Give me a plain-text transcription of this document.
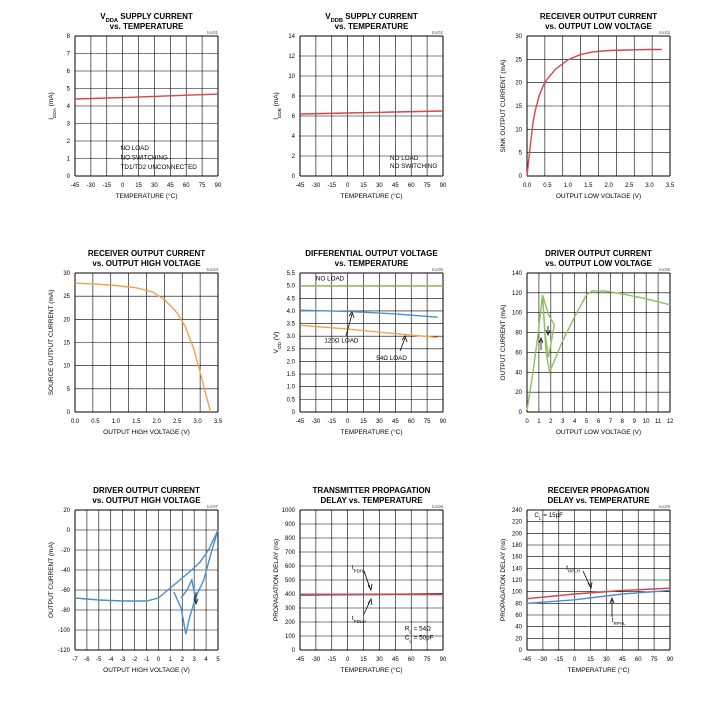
$V_{DDA}$ SUPPLY CURRENT
vs. TEMPERATURE
toc01
-45 -30 -15 0 15 30 45 60 75 90
0
1
2
3
4
5
6
7
8
TEMPERATURE (°C)
$I_{DDA}$ (mA)
NO LOAD
NO SWITCHING
TD1/TD2 UNCONNECTED
$V_{DDB}$ SUPPLY CURRENT
vs. TEMPERATURE
toc02
-45 -30 -15 0 15 30 45 60 75 90
0
2
4
6
8
10
12
14
TEMPERATURE (°C)
$I_{DDB}$ (mA)
NO LOAD
NO SWITCHING
RECEIVER OUTPUT CURRENT
vs. OUTPUT LOW VOLTAGE
toc03
0.0 0.5 1.0 1.5 2.0 2.5 3.0 3.5
0
5
10
15
20
25
30
OUTPUT LOW VOLTAGE (V)
SINK OUTPUT CURRENT (mA)
RECEIVER OUTPUT CURRENT
vs. OUTPUT HIGH VOLTAGE
toc04
0.0 0.5 1.0 1.5 2.0 2.5 3.0 3.5
0
5
10
15
20
25
30
OUTPUT HIGH VOLTAGE (V)
SOURCE OUTPUT CURRENT (mA)
DIFFERENTIAL OUTPUT VOLTAGE
vs. TEMPERATURE
toc05
-45 -30 -15 0 15 30 45 60 75 90
0
0.5
1.0
1.5
2.0
2.5
3.0
3.5
4.0
4.5
5.0
5.5
TEMPERATURE (°C)
$V_{OD}$ (V)
NO LOAD
120Ω LOAD
54Ω LOAD
DRIVER OUTPUT CURRENT
vs. OUTPUT LOW VOLTAGE
toc06
0 1 2 3 4 5 6 7 8 9 10 11 12
0
20
40
60
80
100
120
140
OUTPUT LOW VOLTAGE (V)
OUTPUT CURRENT (mA)
DRIVER OUTPUT CURRENT
vs. OUTPUT HIGH VOLTAGE
toc07
-7 -6 -5 -4 -3 -2 -1 0 1 2 3 4 5
-120
-100
-80
-60
-40
-20
0
20
OUTPUT HIGH VOLTAGE (V)
OUTPUT CURRENT (mA)
TRANSMITTER PROPAGATION
DELAY vs. TEMPERATURE
toc08
-45 -30 -15 0 15 30 45 60 75 90
0
100
200
300
400
500
600
700
800
900
1000
TEMPERATURE (°C)
PROPAGATION DELAY (ns)	$t_{PDHL}$
$t_{PDLH}$
$R_L = 54\Omega$
$C_L = 50pF$
RECEIVER PROPAGATION
DELAY vs. TEMPERATURE
toc09
-45 -30 -15 0 15 30 45 60 75 90
0
20
40
60
80
100
120
140
160
180
200
220
240
TEMPERATURE (°C)
PROPAGATION DELAY (ns)
$C_L = 15pF$
$t_{RPLH}$
$t_{RPHL}$
